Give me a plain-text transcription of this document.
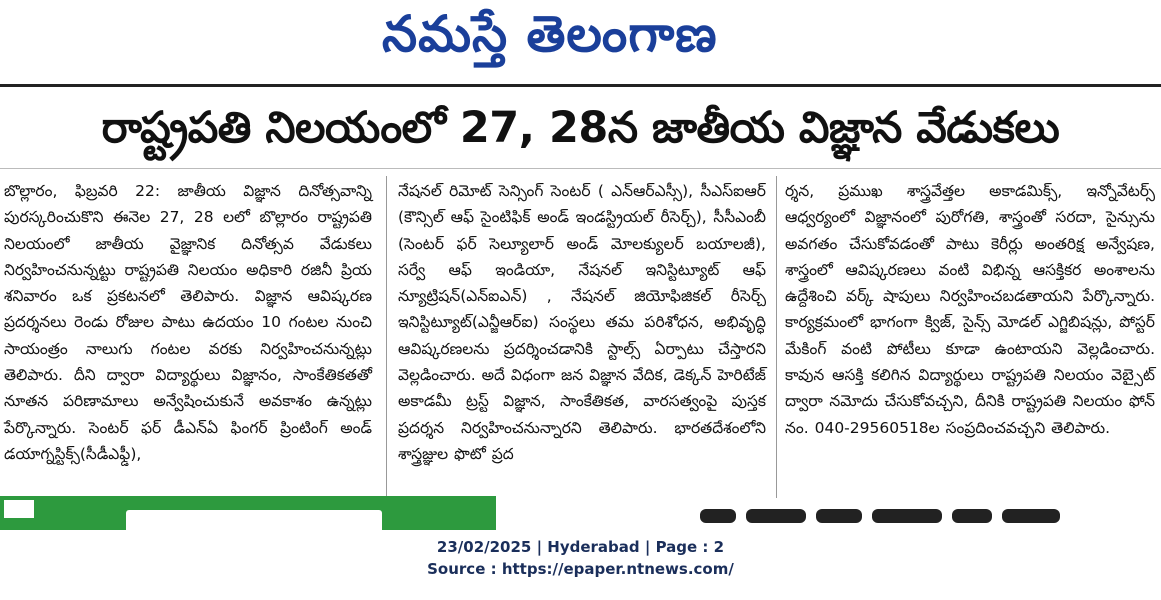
నమస్తే తెలంగాణ
రాష్ట్రపతి నిలయంలో 27, 28న జాతీయ విజ్ఞాన వేడుకలు
బొల్లారం, ఫిబ్రవరి 22: జాతీయ విజ్ఞాన దినోత్సవాన్ని పురస్కరించుకొని ఈనెల 27, 28 లలో బొల్లారం రాష్ట్రపతి నిలయంలో జాతీయ వైజ్ఞానిక దినోత్సవ వేడుకలు నిర్వహించనున్నట్టు రాష్ట్రపతి నిలయం అధికారి రజినీ ప్రియ శనివారం ఒక ప్రకటనలో తెలిపారు. విజ్ఞాన ఆవిష్కరణ ప్రదర్శనలు రెండు రోజుల పాటు ఉదయం 10 గంటల నుంచి సాయంత్రం నాలుగు గంటల వరకు నిర్వహించనున్నట్లు తెలిపారు. దీని ద్వారా విద్యార్థులు విజ్ఞానం, సాంకేతికతతో నూతన పరిణామాలు అన్వేషించుకునే అవకాశం ఉన్నట్లు పేర్కొన్నారు. సెంటర్ ఫర్ డీఎన్ఏ ఫింగర్ ప్రింటింగ్ అండ్ డయాగ్నస్టిక్స్(సీడీఎఫ్డీ),
నేషనల్ రిమోట్ సెన్సింగ్ సెంటర్ ( ఎన్ఆర్ఎస్సీ), సీఎస్ఐఆర్ (కౌన్సిల్ ఆఫ్ సైంటిఫిక్ అండ్ ఇండస్ట్రియల్ రీసెర్చ్), సీసీఎంబీ (సెంటర్ ఫర్ సెల్యూలార్ అండ్ మోలక్యులర్ బయాలజీ), సర్వే ఆఫ్ ఇండియా, నేషనల్ ఇనిస్టిట్యూట్ ఆఫ్ న్యూట్రిషన్(ఎన్ఐఎన్) , నేషనల్ జియోఫిజికల్ రీసెర్చ్ ఇనిస్టిట్యూట్(ఎన్జీఆర్ఐ) సంస్థలు తమ పరిశోధన, అభివృద్ధి ఆవిష్కరణలను ప్రదర్శించడానికి స్టాల్స్ ఏర్పాటు చేస్తారని వెల్లడించారు. అదే విధంగా జన విజ్ఞాన వేదిక, డెక్కన్ హెరిటేజ్ అకాడమీ ట్రస్ట్ విజ్ఞాన, సాంకేతికత, వారసత్వంపై పుస్తక ప్రదర్శన నిర్వహించనున్నారని తెలిపారు. భారతదేశంలోని శాస్త్రజ్ఞుల ఫొటో ప్రద
ర్శన, ప్రముఖ శాస్త్రవేత్తల అకాడమిక్స్, ఇన్నోవేటర్స్ ఆధ్వర్యంలో విజ్ఞానంలో పురోగతి, శాస్త్రంతో సరదా, సైన్సును అవగతం చేసుకోవడంతో పాటు కెరీర్లు అంతరిక్ష అన్వేషణ, శాస్త్రంలో ఆవిష్కరణలు వంటి విభిన్న ఆసక్తికర అంశాలను ఉద్దేశించి వర్క్ షాపులు నిర్వహించబడతాయని పేర్కొన్నారు. కార్యక్రమంలో భాగంగా క్విజ్, సైన్స్ మోడల్ ఎగ్జిబిషన్లు, పోస్టర్ మేకింగ్ వంటి పోటీలు కూడా ఉంటాయని వెల్లడించారు. కావున ఆసక్తి కలిగిన విద్యార్థులు రాష్ట్రపతి నిలయం వెబ్సైట్ ద్వారా నమోదు చేసుకోవచ్చని, దీనికి రాష్ట్రపతి నిలయం ఫోన్ నం. 040-29560518ల సంప్రదించవచ్చని తెలిపారు.
23/02/2025 | Hyderabad | Page : 2
Source : https://epaper.ntnews.com/
